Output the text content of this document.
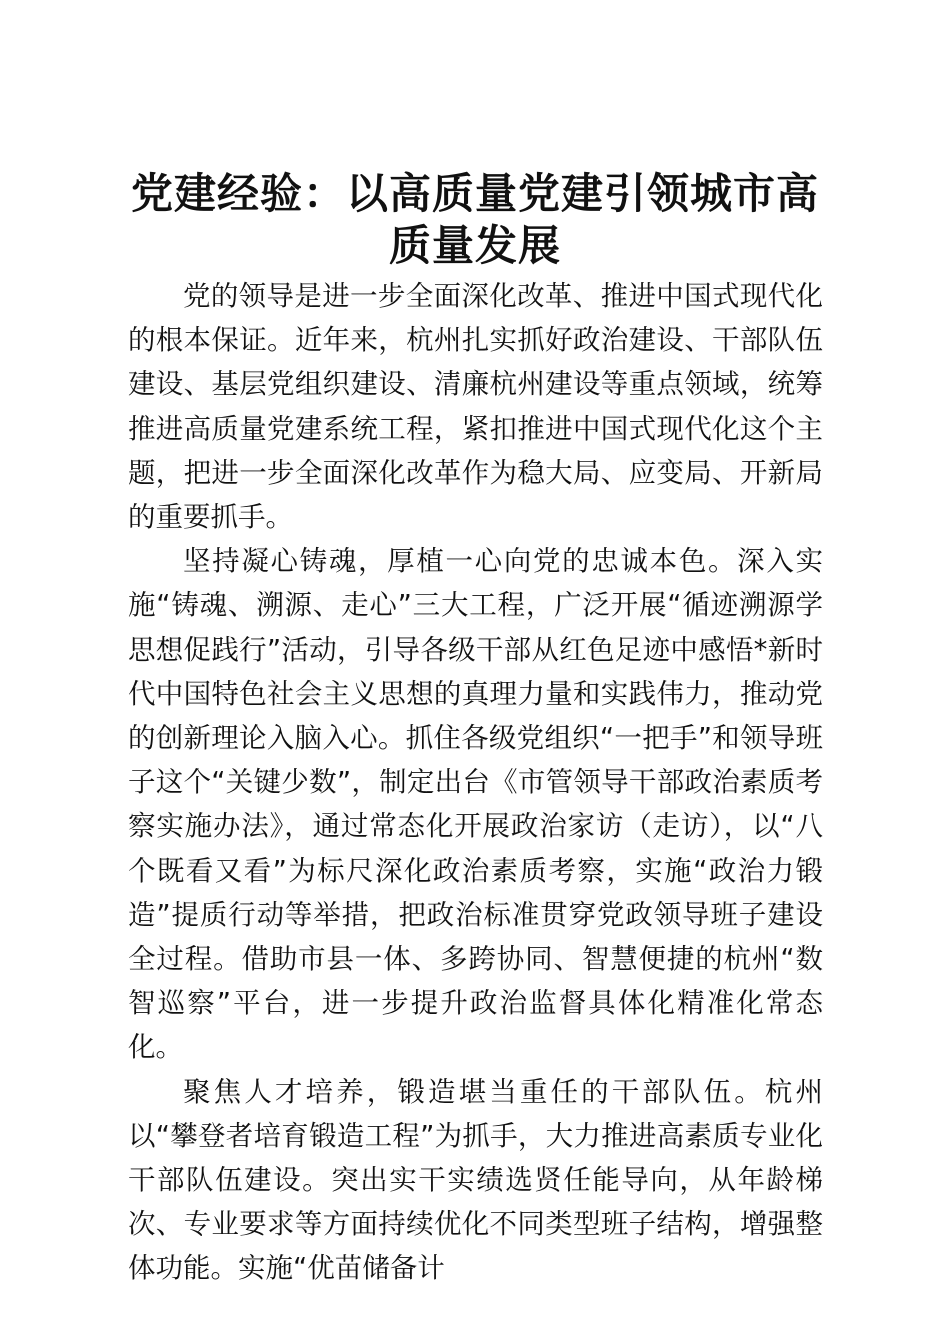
党建经验：以高质量党建引领城市高质量发展

党的领导是进一步全面深化改革、推进中国式现代化的根本保证。近年来，杭州扎实抓好政治建设、干部队伍建设、基层党组织建设、清廉杭州建设等重点领域，统筹推进高质量党建系统工程，紧扣推进中国式现代化这个主题，把进一步全面深化改革作为稳大局、应变局、开新局的重要抓手。

坚持凝心铸魂，厚植一心向党的忠诚本色。深入实施“铸魂、溯源、走心”三大工程，广泛开展“循迹溯源学思想促践行”活动，引导各级干部从红色足迹中感悟*新时代中国特色社会主义思想的真理力量和实践伟力，推动党的创新理论入脑入心。抓住各级党组织“一把手”和领导班子这个“关键少数”，制定出台《市管领导干部政治素质考察实施办法》，通过常态化开展政治家访（走访），以“八个既看又看”为标尺深化政治素质考察，实施“政治力锻造”提质行动等举措，把政治标准贯穿党政领导班子建设全过程。借助市县一体、多跨协同、智慧便捷的杭州“数智巡察”平台，进一步提升政治监督具体化精准化常态化。

聚焦人才培养，锻造堪当重任的干部队伍。杭州以“攀登者培育锻造工程”为抓手，大力推进高素质专业化干部队伍建设。突出实干实绩选贤任能导向，从年龄梯次、专业要求等方面持续优化不同类型班子结构，增强整体功能。实施“优苗储备计
